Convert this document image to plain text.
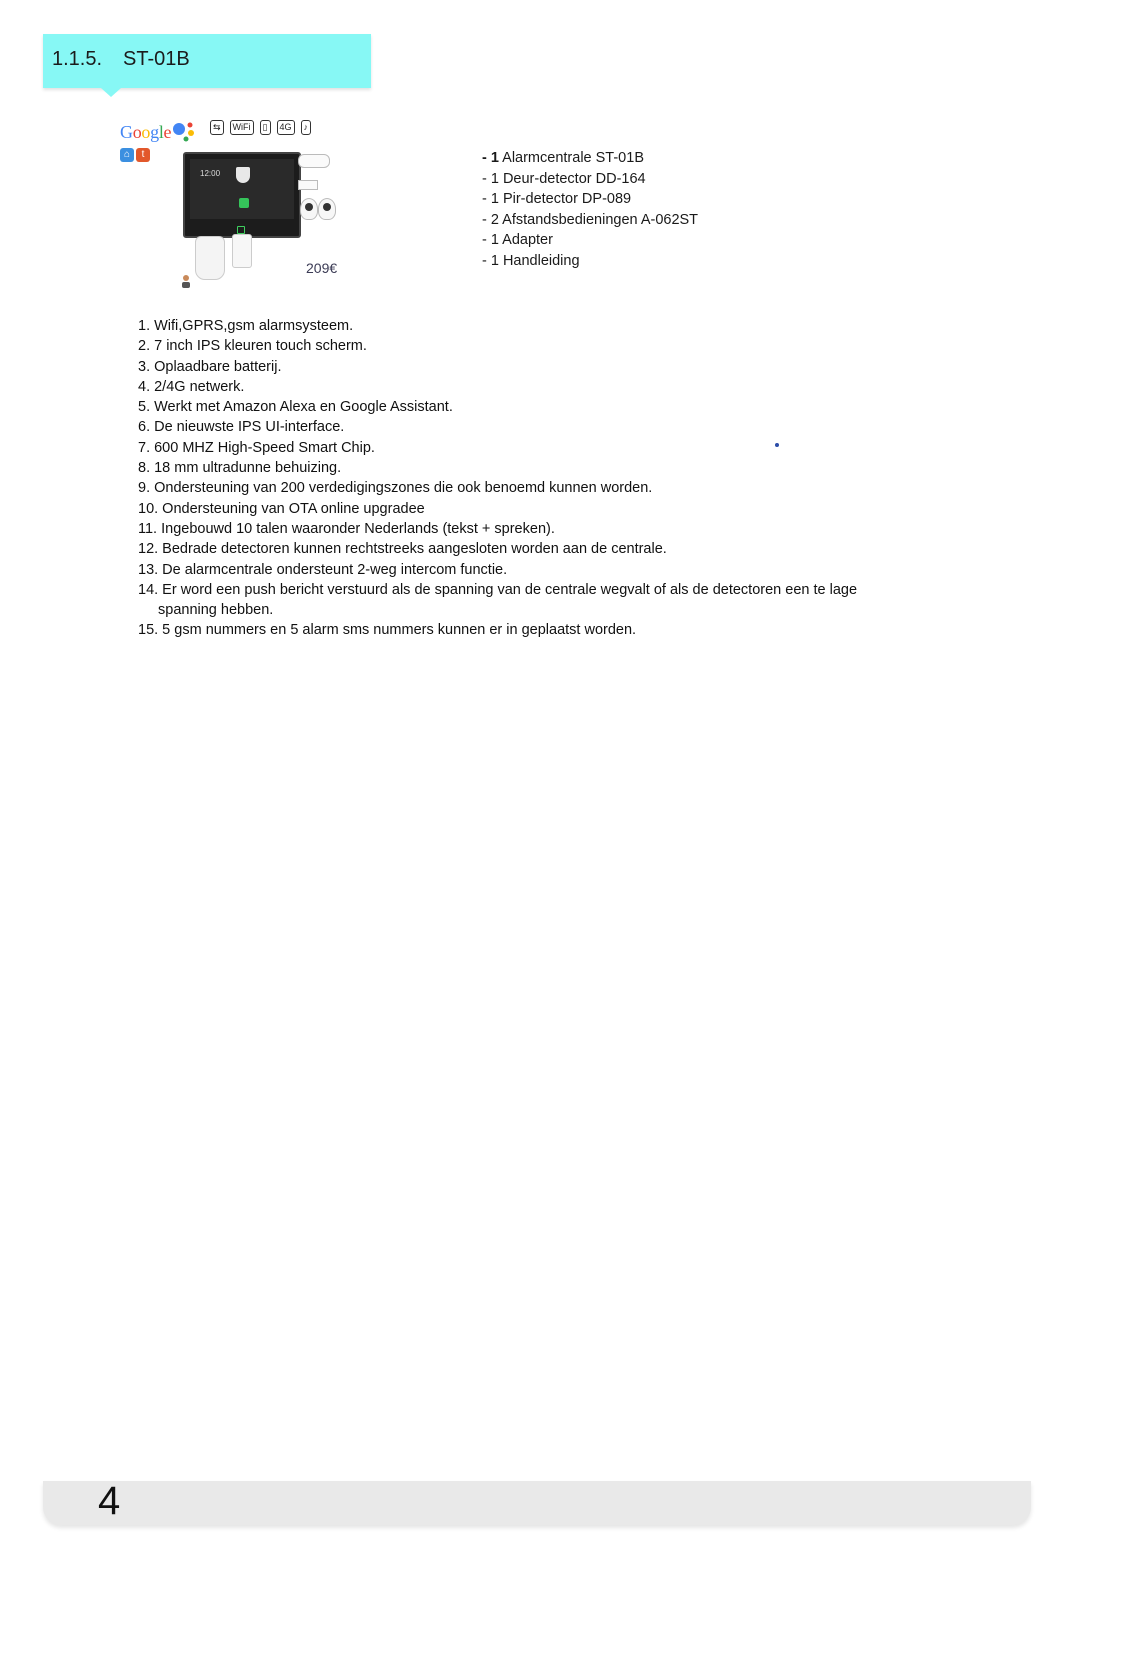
1.1.5. ST-01B
Google	⇆	WiFi	▯	4G	♪
⌂	t
12:00
209€
- 1 Alarmcentrale ST-01B
- 1 Deur-detector DD-164
- 1 Pir-detector DP-089
- 2 Afstandsbedieningen A-062ST
- 1 Adapter
- 1 Handleiding
1. Wifi,GPRS,gsm alarmsysteem.
2. 7 inch IPS kleuren touch scherm.
3. Oplaadbare batterij.
4. 2/4G netwerk.
5. Werkt met Amazon Alexa en Google Assistant.
6. De nieuwste IPS UI-interface.
7. 600 MHZ High-Speed Smart Chip.
8. 18 mm ultradunne behuizing.
9. Ondersteuning van 200 verdedigingszones die ook benoemd kunnen worden.
10. Ondersteuning van OTA online upgradee
11. Ingebouwd 10 talen waaronder Nederlands (tekst + spreken).
12. Bedrade detectoren kunnen rechtstreeks aangesloten worden aan de centrale.
13. De alarmcentrale ondersteunt 2-weg intercom functie.
14. Er word een push bericht verstuurd als de spanning van de centrale wegvalt of als de detectoren een te lage
spanning hebben.
15. 5 gsm nummers en 5 alarm sms nummers kunnen er in geplaatst worden.
4
